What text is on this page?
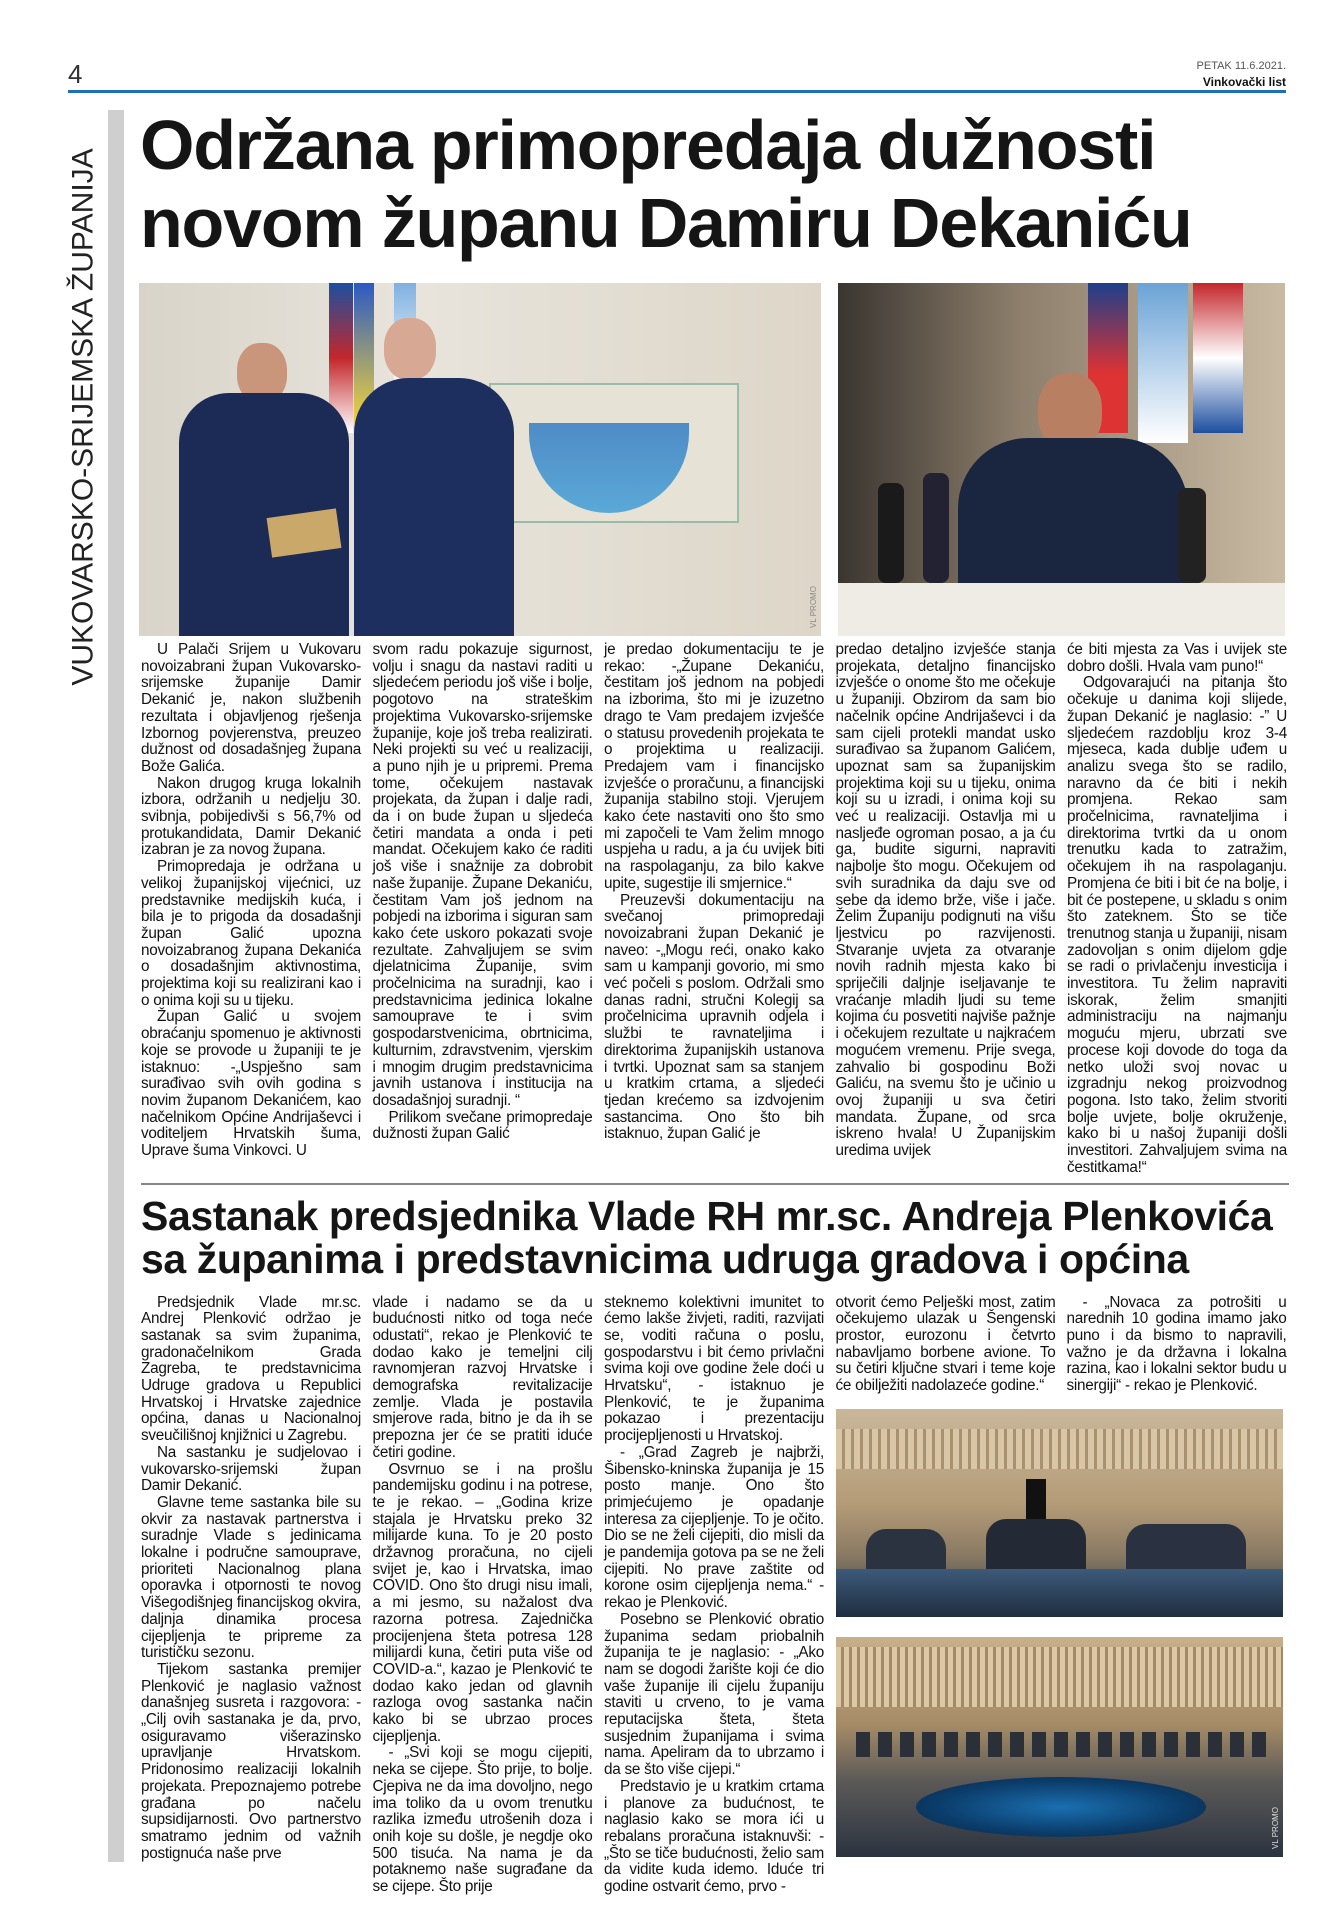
4	PETAK 11.6.2021.
Vinkovački list
VUKOVARSKO-SRIJEMSKA ŽUPANIJA
Održana primopredaja dužnosti
novom županu Damiru Dekaniću
VL PROMO

U Palači Srijem u Vukovaru novoizabrani župan Vukovarsko-srijemske županije Damir Dekanić je, nakon službenih rezultata i objavljenog rješenja Izbornog povjerenstva, preuzeo dužnost od dosadašnjeg župana Bože Galića.

Nakon drugog kruga lokalnih izbora, održanih u nedjelju 30. svibnja, pobijedivši s 56,7% od protukandidata, Damir Dekanić izabran je za novog župana.

Primopredaja je održana u velikoj županijskoj vijećnici, uz predstavnike medijskih kuća, i bila je to prigoda da dosadašnji župan Galić upozna novoizabranog župana Dekanića o dosadašnjim aktivnostima, projektima koji su realizirani kao i o onima koji su u tijeku.

Župan Galić u svojem obraćanju spomenuo je aktivnosti koje se provode u županiji te je istaknuo: -„Uspješno sam surađivao svih ovih godina s novim županom Dekanićem, kao načelnikom Općine Andrijaševci i voditeljem Hrvatskih šuma, Uprave šuma Vinkovci. U

svom radu pokazuje sigurnost, volju i snagu da nastavi raditi u sljedećem periodu još više i bolje, pogotovo na strateškim projektima Vukovarsko-srijemske županije, koje još treba realizirati. Neki projekti su već u realizaciji, a puno njih je u pripremi. Prema tome, očekujem nastavak projekata, da župan i dalje radi, da i on bude župan u sljedeća četiri mandata a onda i peti mandat. Očekujem kako će raditi još više i snažnije za dobrobit naše županije. Župane Dekaniću, čestitam Vam još jednom na pobjedi na izborima i siguran sam kako ćete uskoro pokazati svoje rezultate. Zahvaljujem se svim djelatnicima Županije, svim pročelnicima na suradnji, kao i predstavnicima jedinica lokalne samouprave te i svim gospodarstvenicima, obrtnicima, kulturnim, zdravstvenim, vjerskim i mnogim drugim predstavnicima javnih ustanova i institucija na dosadašnjoj suradnji. “

Prilikom svečane primopredaje dužnosti župan Galić

je predao dokumentaciju te je rekao: -„Župane Dekaniću, čestitam još jednom na pobjedi na izborima, što mi je izuzetno drago te Vam predajem izvješće o statusu provedenih projekata te o projektima u realizaciji. Predajem vam i financijsko izvješće o proračunu, a financijski županija stabilno stoji. Vjerujem kako ćete nastaviti ono što smo mi započeli te Vam želim mnogo uspjeha u radu, a ja ću uvijek biti na raspolaganju, za bilo kakve upite, sugestije ili smjernice.“

Preuzevši dokumentaciju na svečanoj primopredaji novoizabrani župan Dekanić je naveo: -„Mogu reći, onako kako sam u kampanji govorio, mi smo već počeli s poslom. Održali smo danas radni, stručni Kolegij sa pročelnicima upravnih odjela i službi te ravnateljima i direktorima županijskih ustanova i tvrtki. Upoznat sam sa stanjem u kratkim crtama, a sljedeći tjedan krećemo sa izdvojenim sastancima. Ono što bih istaknuo, župan Galić je

predao detaljno izvješće stanja projekata, detaljno financijsko izvješće o onome što me očekuje u županiji. Obzirom da sam bio načelnik općine Andrijaševci i da sam cijeli protekli mandat usko surađivao sa županom Galićem, upoznat sam sa županijskim projektima koji su u tijeku, onima koji su u izradi, i onima koji su već u realizaciji. Ostavlja mi u nasljeđe ogroman posao, a ja ću ga, budite sigurni, napraviti najbolje što mogu. Očekujem od svih suradnika da daju sve od sebe da idemo brže, više i jače. Želim Županiju podignuti na višu ljestvicu po razvijenosti. Stvaranje uvjeta za otvaranje novih radnih mjesta kako bi spriječili daljnje iseljavanje te vraćanje mladih ljudi su teme kojima ću posvetiti najviše pažnje i očekujem rezultate u najkraćem mogućem vremenu. Prije svega, zahvalio bi gospodinu Boži Galiću, na svemu što je učinio u ovoj županiji u sva četiri mandata. Župane, od srca iskreno hvala! U Županijskim uredima uvijek

će biti mjesta za Vas i uvijek ste dobro došli. Hvala vam puno!“

Odgovarajući na pitanja što očekuje u danima koji slijede, župan Dekanić je naglasio: -” U sljedećem razdoblju kroz 3-4 mjeseca, kada dublje uđem u analizu svega što se radilo, naravno da će biti i nekih promjena. Rekao sam pročelnicima, ravnateljima i direktorima tvrtki da u onom trenutku kada to zatražim, očekujem ih na raspolaganju. Promjena će biti i bit će na bolje, i bit će postepene, u skladu s onim što zateknem. Što se tiče trenutnog stanja u županiji, nisam zadovoljan s onim dijelom gdje se radi o privlačenju investicija i investitora. Tu želim napraviti iskorak, želim smanjiti administraciju na najmanju moguću mjeru, ubrzati sve procese koji dovode do toga da netko uloži svoj novac u izgradnju nekog proizvodnog pogona. Isto tako, želim stvoriti bolje uvjete, bolje okruženje, kako bi u našoj županiji došli investitori. Zahvaljujem svima na čestitkama!“

Sastanak predsjednika Vlade RH mr.sc. Andreja Plenkovića
sa županima i predstavnicima udruga gradova i općina

Predsjednik Vlade mr.sc. Andrej Plenković održao je sastanak sa svim županima, gradonačelnikom Grada Zagreba, te predstavnicima Udruge gradova u Republici Hrvatskoj i Hrvatske zajednice općina, danas u Nacionalnoj sveučilišnoj knjižnici u Zagrebu.

Na sastanku je sudjelovao i vukovarsko-srijemski župan Damir Dekanić.

Glavne teme sastanka bile su okvir za nastavak partnerstva i suradnje Vlade s jedinicama lokalne i područne samouprave, prioriteti Nacionalnog plana oporavka i otpornosti te novog Višegodišnjeg financijskog okvira, daljnja dinamika procesa cijepljenja te pripreme za turističku sezonu.

Tijekom sastanka premijer Plenković je naglasio važnost današnjeg susreta i razgovora: - „Cilj ovih sastanaka je da, prvo, osiguravamo višerazinsko upravljanje Hrvatskom. Pridonosimo realizaciji lokalnih projekata. Prepoznajemo potrebe građana po načelu supsidijarnosti. Ovo partnerstvo smatramo jednim od važnih postignuća naše prve

vlade i nadamo se da u budućnosti nitko od toga neće odustati“, rekao je Plenković te dodao kako je temeljni cilj ravnomjeran razvoj Hrvatske i demografska revitalizacije zemlje. Vlada je postavila smjerove rada, bitno je da ih se prepozna jer će se pratiti iduće četiri godine.

Osvrnuo se i na prošlu pandemijsku godinu i na potrese, te je rekao. – „Godina krize stajala je Hrvatsku preko 32 milijarde kuna. To je 20 posto državnog proračuna, no cijeli svijet je, kao i Hrvatska, imao COVID. Ono što drugi nisu imali, a mi jesmo, su nažalost dva razorna potresa. Zajednička procijenjena šteta potresa 128 milijardi kuna, četiri puta više od COVID-a.“, kazao je Plenković te dodao kako jedan od glavnih razloga ovog sastanka način kako bi se ubrzao proces cijepljenja.

- „Svi koji se mogu cijepiti, neka se cijepe. Što prije, to bolje. Cjepiva ne da ima dovoljno, nego ima toliko da u ovom trenutku razlika između utrošenih doza i onih koje su došle, je negdje oko 500 tisuća. Na nama je da potaknemo naše sugrađane da se cijepe. Što prije

steknemo kolektivni imunitet to ćemo lakše živjeti, raditi, razvijati se, voditi računa o poslu, gospodarstvu i bit ćemo privlačni svima koji ove godine žele doći u Hrvatsku“, - istaknuo je Plenković, te je županima pokazao i prezentaciju procijepljenosti u Hrvatskoj.

- „Grad Zagreb je najbrži, Šibensko-kninska županija je 15 posto manje. Ono što primjećujemo je opadanje interesa za cijepljenje. To je očito. Dio se ne želi cijepiti, dio misli da je pandemija gotova pa se ne želi cijepiti. No prave zaštite od korone osim cijepljenja nema.“ - rekao je Plenković.

Posebno se Plenković obratio županima sedam priobalnih županija te je naglasio: - „Ako nam se dogodi žarište koji će dio vaše županije ili cijelu županiju staviti u crveno, to je vama reputacijska šteta, šteta susjednim županijama i svima nama. Apeliram da to ubrzamo i da se što više cijepi.“

Predstavio je u kratkim crtama i planove za budućnost, te naglasio kako se mora ići u rebalans proračuna istaknuvši: - „Što se tiče budućnosti, želio sam da vidite kuda idemo. Iduće tri godine ostvarit ćemo, prvo -

otvorit ćemo Pelješki most, zatim očekujemo ulazak u Šengenski prostor, eurozonu i četvrto nabavljamo borbene avione. To su četiri ključne stvari i teme koje će obilježiti nadolazeće godine.“

- „Novaca za potrošiti u narednih 10 godina imamo jako puno i da bismo to napravili, važno je da državna i lokalna razina, kao i lokalni sektor budu u sinergiji“ - rekao je Plenković.

VL PROMO
